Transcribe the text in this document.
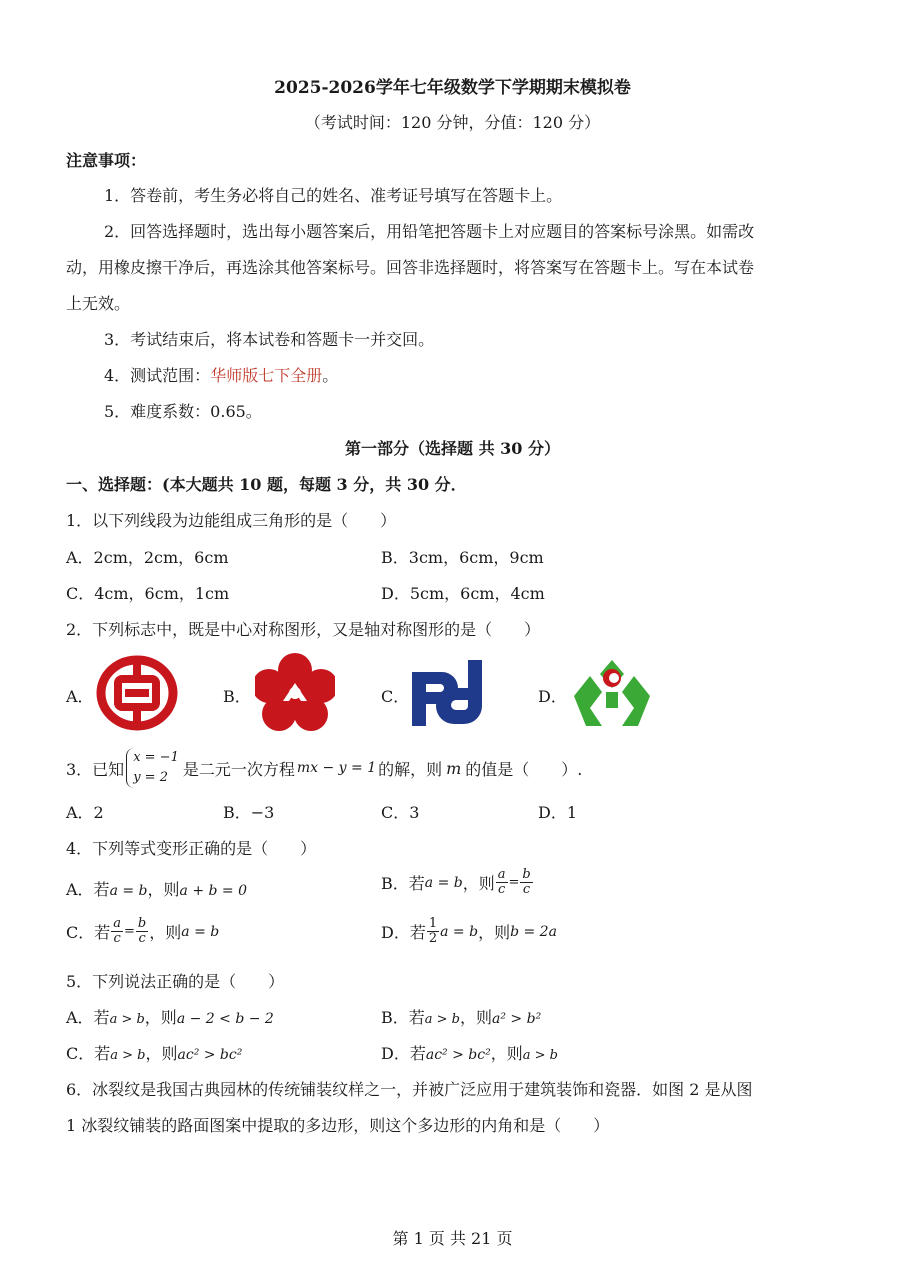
2025-2026学年七年级数学下学期期末模拟卷
（考试时间：120 分钟，分值：120 分）
注意事项：
1．答卷前，考生务必将自己的姓名、准考证号填写在答题卡上。
2．回答选择题时，选出每小题答案后，用铅笔把答题卡上对应题目的答案标号涂黑。如需改
动，用橡皮擦干净后，再选涂其他答案标号。回答非选择题时，将答案写在答题卡上。写在本试卷
上无效。
3．考试结束后，将本试卷和答题卡一并交回。
4．测试范围：华师版七下全册。
5．难度系数：0.65。
第一部分（选择题 共 30 分）
一、选择题：(本大题共 10 题，每题 3 分，共 30 分．
1．以下列线段为边能组成三角形的是（　　）
A．2cm，2cm，6cm	B．3cm，6cm，9cm
C．4cm，6cm，1cm	D．5cm，6cm，4cm
2．下列标志中，既是中心对称图形，又是轴对称图形的是（　　）
A．	B．	C．	D．
3．已知
x = −1
y = 2 是二元一次方程 mx − y = 1 的解，则 m 的值是（　　）.
A．2	B．−3	C．3	D．1
4．下列等式变形正确的是（　　）
A．若a = b，则a + b = 0	B．若 a = b ，则 $\frac{a}{c} = \frac{b}{c}$
C．若 $\frac{a}{c} = \frac{b}{c}$ ，则 a = b	D．若 $\frac{1}{2}$ a = b ，则 b = 2a
5．下列说法正确的是（　　）
A．若a > b，则a − 2 < b − 2	B．若a > b，则a² > b²
C．若a > b，则ac² > bc²	D．若ac² > bc²，则a > b
6．冰裂纹是我国古典园林的传统铺装纹样之一，并被广泛应用于建筑装饰和瓷器．如图 2 是从图
1 冰裂纹铺装的路面图案中提取的多边形，则这个多边形的内角和是（　　）
第 1 页 共 21 页
